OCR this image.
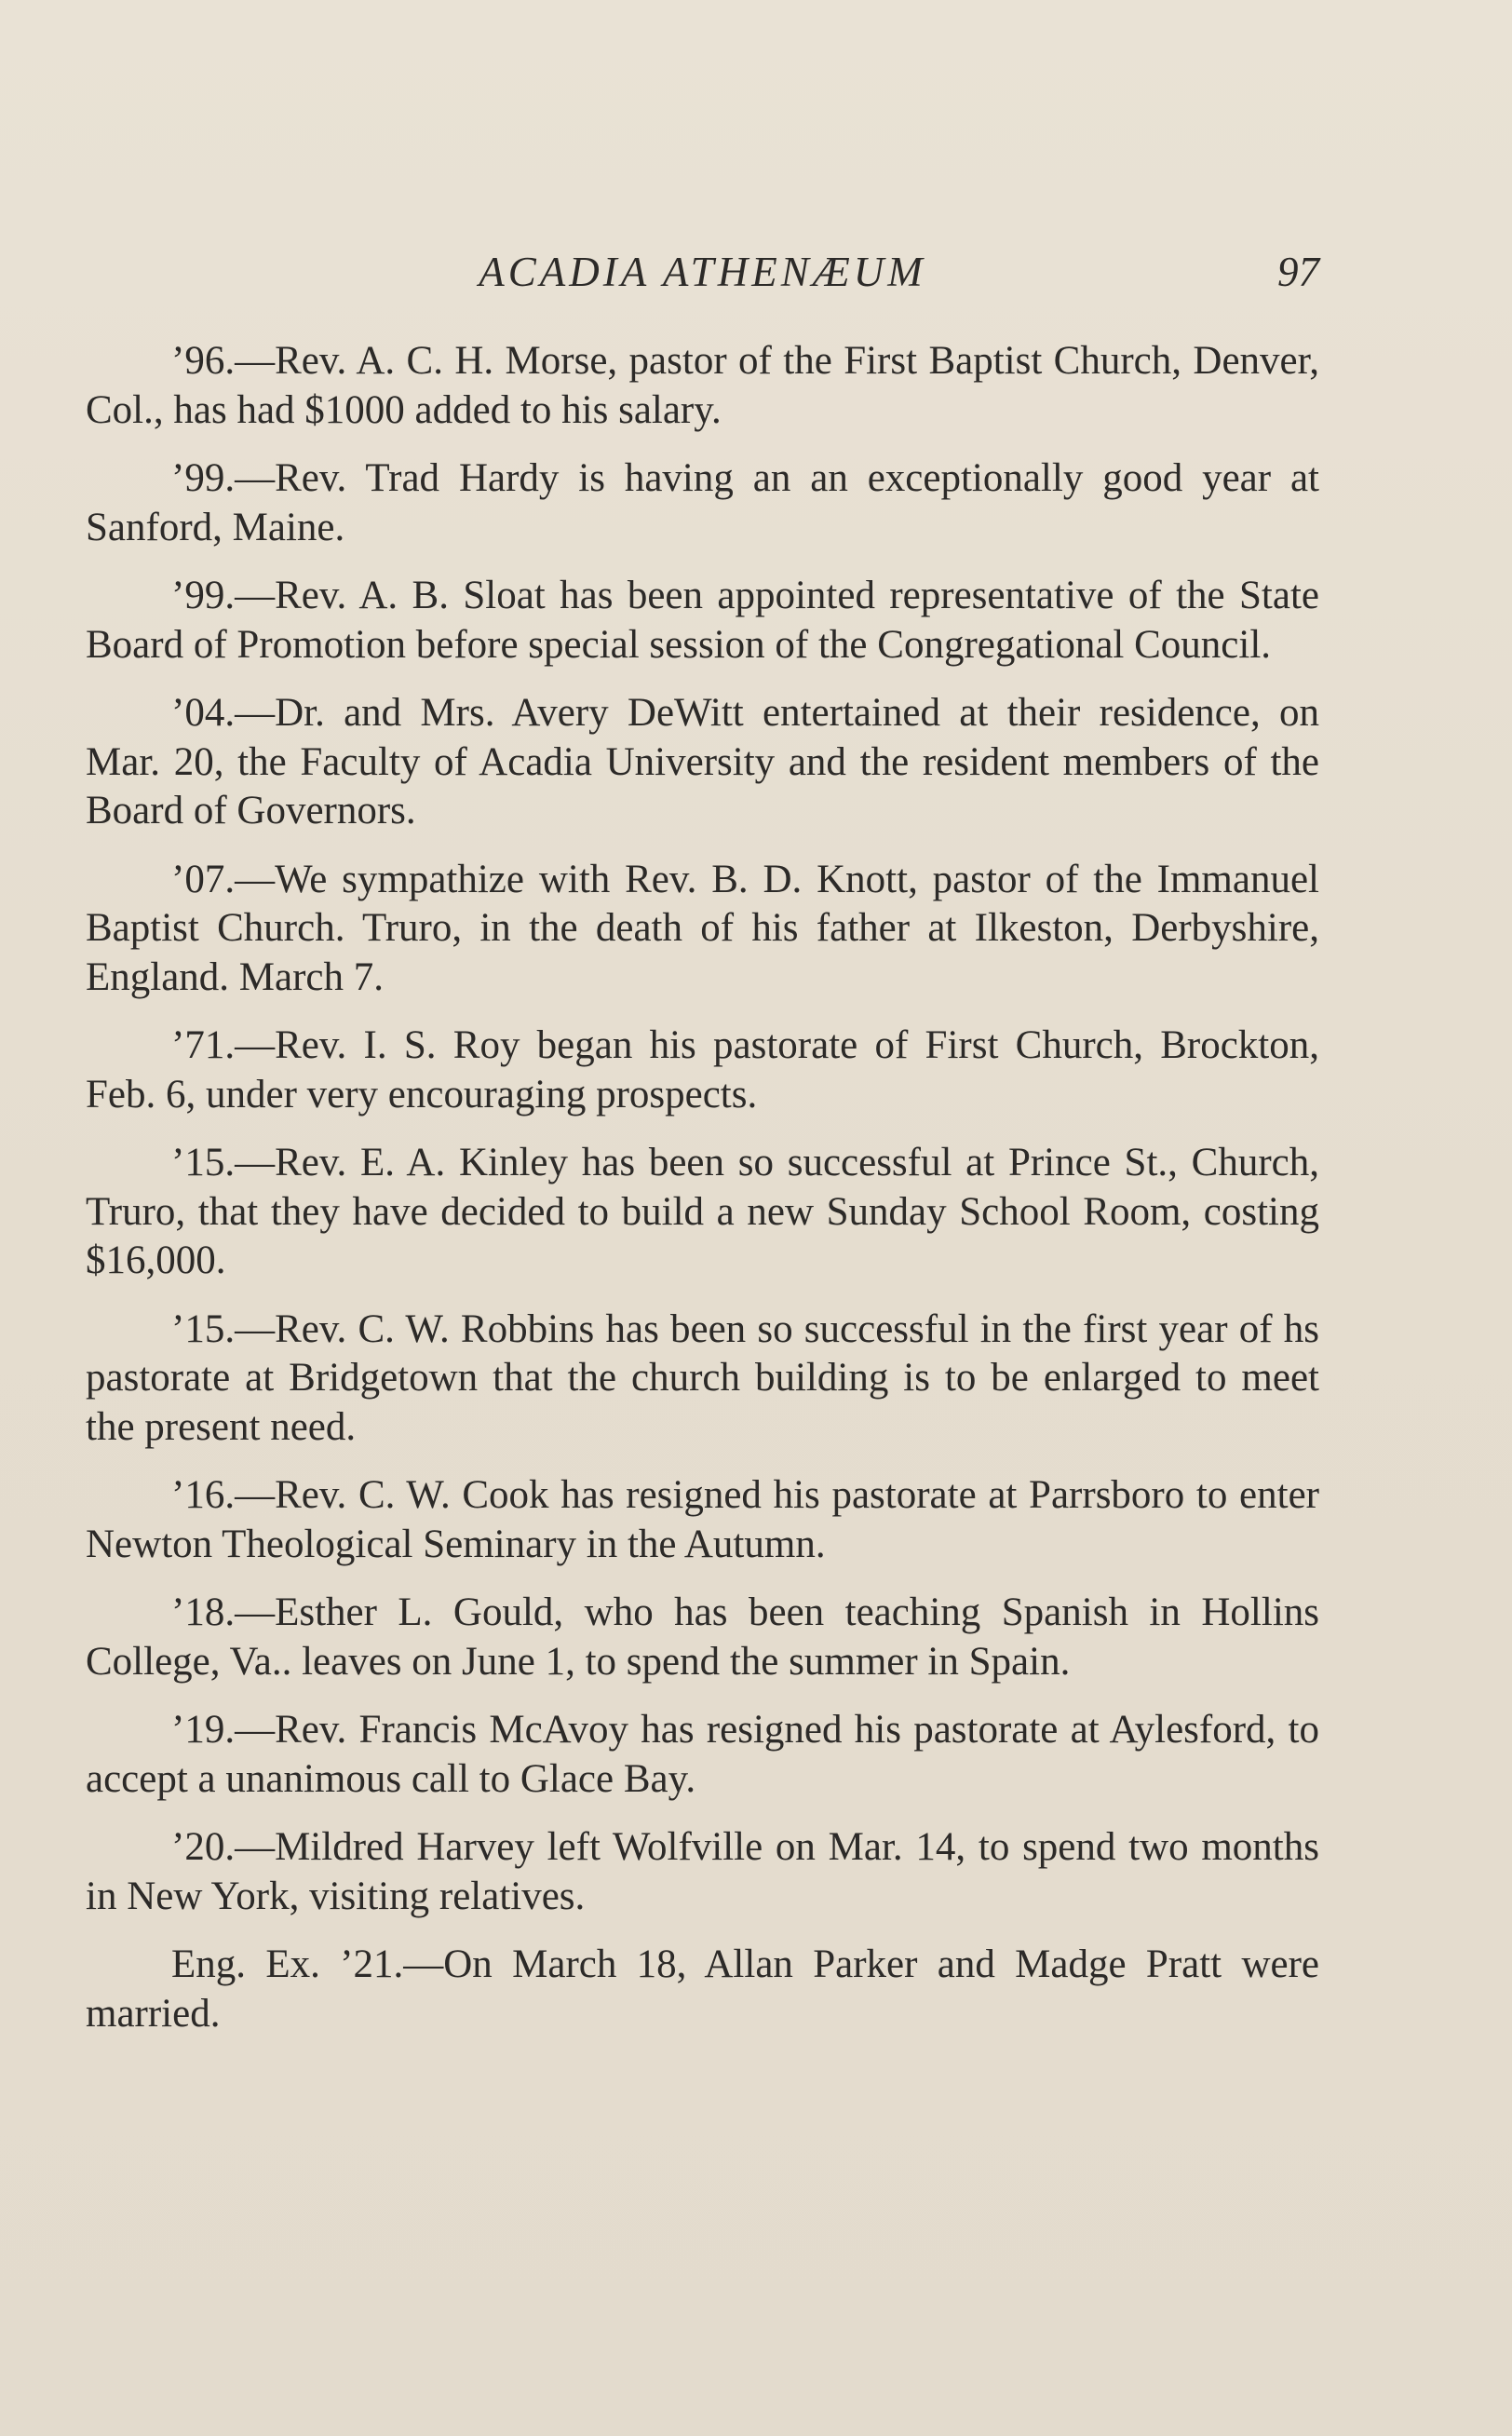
ACADIA ATHENÆUM	97

’96.—Rev. A. C. H. Morse, pastor of the First Baptist Church, Denver, Col., has had $1000 added to his salary.

’99.—Rev. Trad Hardy is having an an exceptionally good year at Sanford, Maine.

’99.—Rev. A. B. Sloat has been appointed representative of the State Board of Promotion before special session of the Congregational Council.

’04.—Dr. and Mrs. Avery DeWitt entertained at their residence, on Mar. 20, the Faculty of Acadia University and the resident members of the Board of Governors.

’07.—We sympathize with Rev. B. D. Knott, pastor of the Immanuel Baptist Church. Truro, in the death of his father at Ilkeston, Derbyshire, England. March 7.

’71.—Rev. I. S. Roy began his pastorate of First Church, Brockton, Feb. 6, under very encouraging prospects.

’15.—Rev. E. A. Kinley has been so successful at Prince St., Church, Truro, that they have decided to build a new Sunday School Room, costing $16,000.

’15.—Rev. C. W. Robbins has been so successful in the first year of hs pastorate at Bridgetown that the church building is to be enlarged to meet the present need.

’16.—Rev. C. W. Cook has resigned his pastorate at Parrsboro to enter Newton Theological Seminary in the Autumn.

’18.—Esther L. Gould, who has been teaching Spanish in Hollins College, Va.. leaves on June 1, to spend the summer in Spain.

’19.—Rev. Francis McAvoy has resigned his pastorate at Aylesford, to accept a unanimous call to Glace Bay.

’20.—Mildred Harvey left Wolfville on Mar. 14, to spend two months in New York, visiting relatives.

Eng. Ex. ’21.—On March 18, Allan Parker and Madge Pratt were married.
